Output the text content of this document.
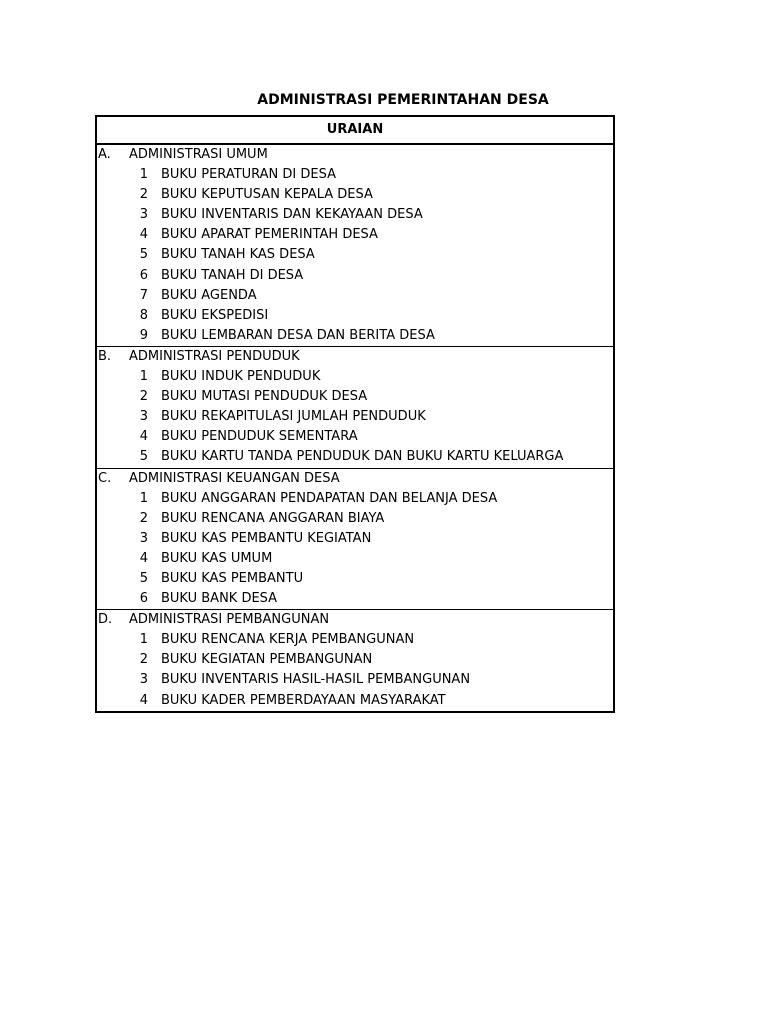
ADMINISTRASI PEMERINTAHAN DESA
URAIAN
A. ADMINISTRASI UMUM
1 BUKU PERATURAN DI DESA
2 BUKU KEPUTUSAN KEPALA DESA
3 BUKU INVENTARIS DAN KEKAYAAN DESA
4 BUKU APARAT PEMERINTAH DESA
5 BUKU TANAH KAS DESA
6 BUKU TANAH DI DESA
7 BUKU AGENDA
8 BUKU EKSPEDISI
9 BUKU LEMBARAN DESA DAN BERITA DESA
B. ADMINISTRASI PENDUDUK
1 BUKU INDUK PENDUDUK
2 BUKU MUTASI PENDUDUK DESA
3 BUKU REKAPITULASI JUMLAH PENDUDUK
4 BUKU PENDUDUK SEMENTARA
5 BUKU KARTU TANDA PENDUDUK DAN BUKU KARTU KELUARGA
C. ADMINISTRASI KEUANGAN DESA
1 BUKU ANGGARAN PENDAPATAN DAN BELANJA DESA
2 BUKU RENCANA ANGGARAN BIAYA
3 BUKU KAS PEMBANTU KEGIATAN
4 BUKU KAS UMUM
5 BUKU KAS PEMBANTU
6 BUKU BANK DESA
D. ADMINISTRASI PEMBANGUNAN
1 BUKU RENCANA KERJA PEMBANGUNAN
2 BUKU KEGIATAN PEMBANGUNAN
3 BUKU INVENTARIS HASIL-HASIL PEMBANGUNAN
4 BUKU KADER PEMBERDAYAAN MASYARAKAT
